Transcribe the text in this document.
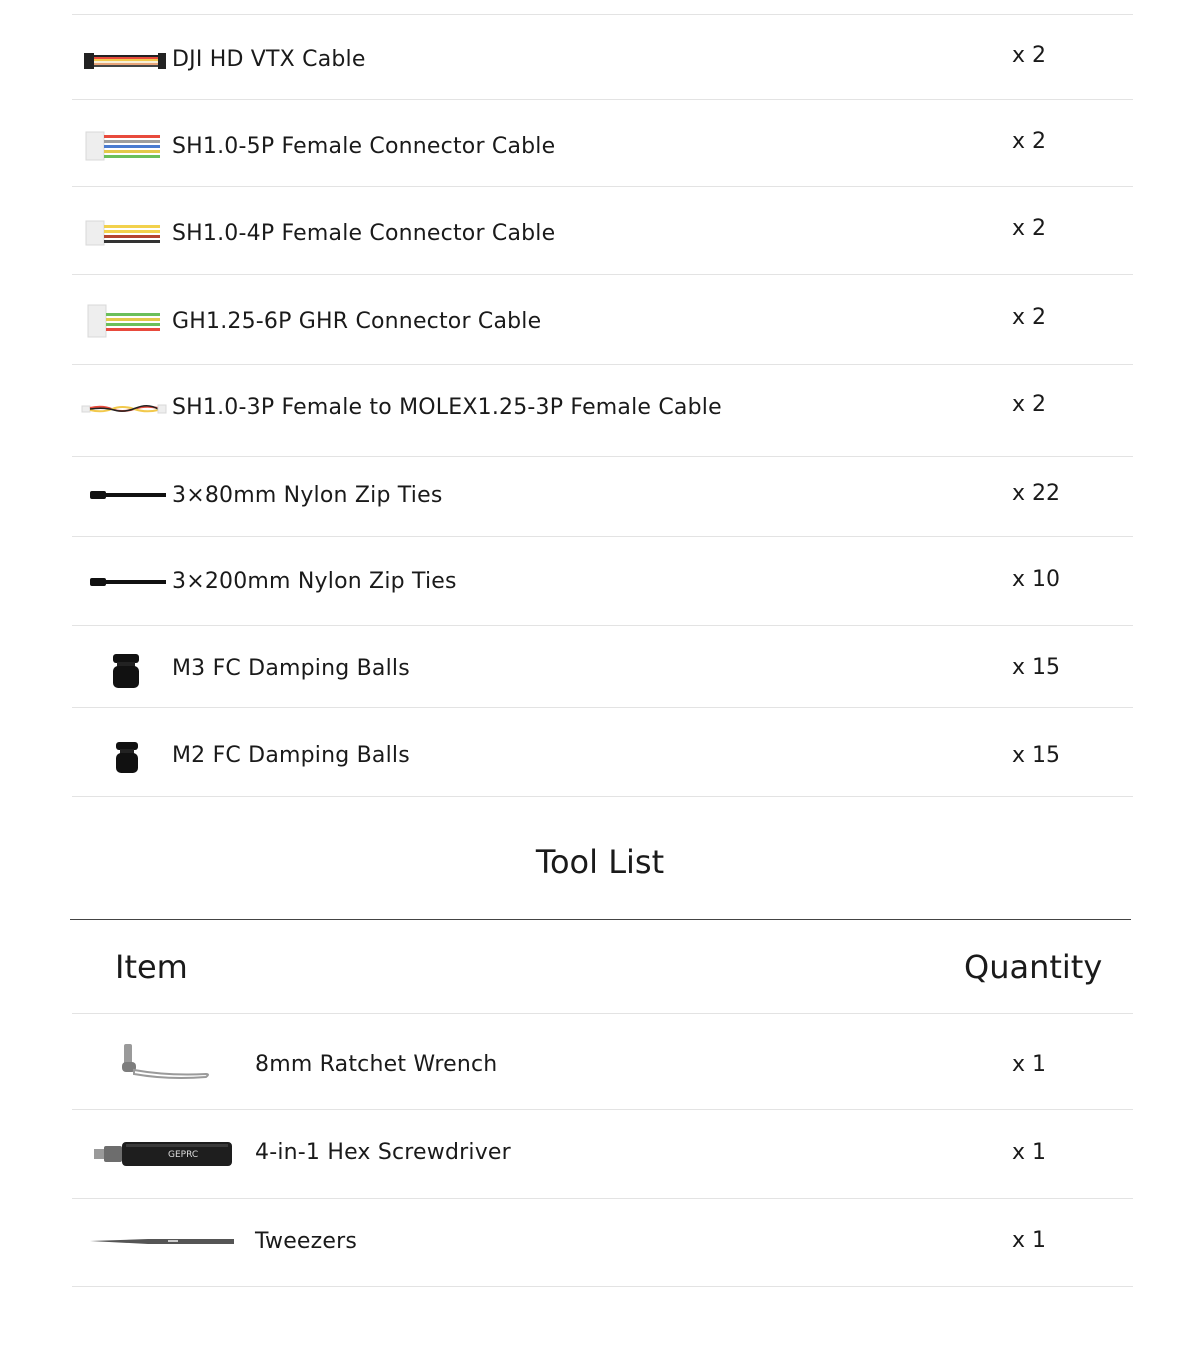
DJI HD VTX Cable	x 2
SH1.0-5P Female Connector Cable	x 2
SH1.0-4P Female Connector Cable	x 2
GH1.25-6P GHR Connector Cable	x 2
SH1.0-3P Female to MOLEX1.25-3P Female Cable	x 2
3×80mm Nylon Zip Ties	x 22
3×200mm Nylon Zip Ties	x 10
M3 FC Damping Balls	x 15
M2 FC Damping Balls	x 15
Tool List
Item	Quantity
8mm Ratchet Wrench	x 1
GEPRC	4-in-1 Hex Screwdriver	x 1
Tweezers	x 1
